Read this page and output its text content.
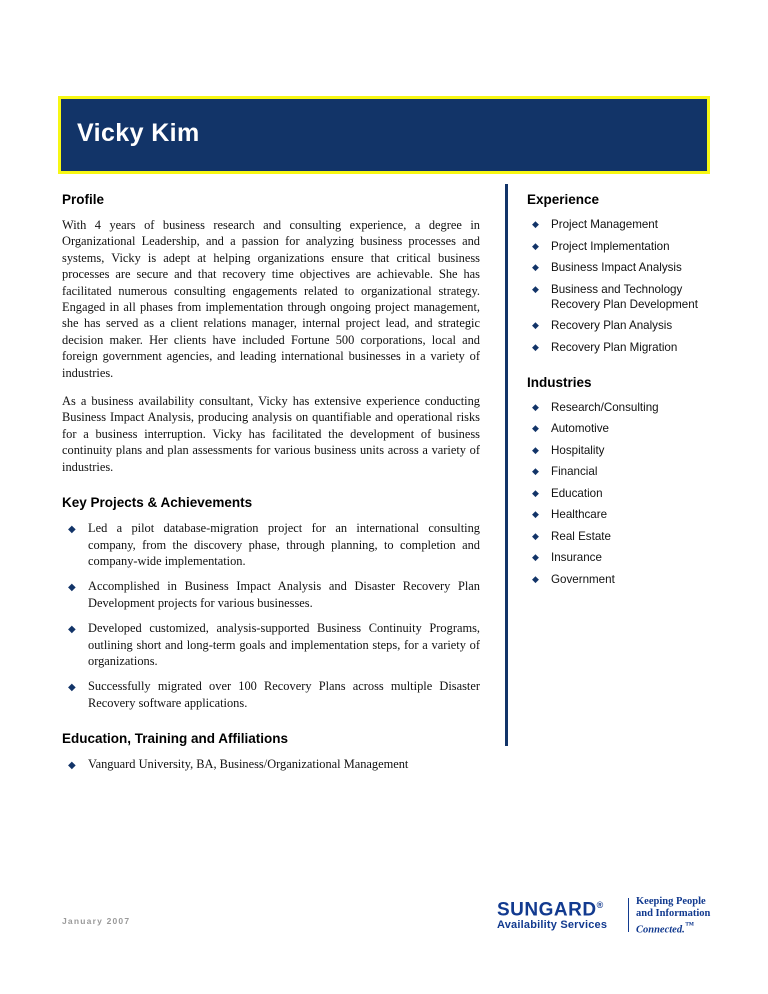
Vicky Kim
Profile

With 4 years of business research and consulting experience, a degree in Organizational Leadership, and a passion for analyzing business processes and systems, Vicky is adept at helping organizations ensure that critical business processes are secure and that recovery time objectives are achievable. She has facilitated numerous consulting engagements related to organizational strategy. Engaged in all phases from implementation through ongoing project management, she has served as a client relations manager, internal project lead, and strategic decision maker. Her clients have included Fortune 500 corporations, local and foreign government agencies, and leading international businesses in a variety of industries.

As a business availability consultant, Vicky has extensive experience conducting Business Impact Analysis, producing analysis on quantifiable and operational risks for a business interruption. Vicky has facilitated the development of business continuity plans and plan assessments for various business units across a variety of industries.

Key Projects & Achievements
◆ Led a pilot database-migration project for an international consulting company, from the discovery phase, through planning, to completion and company-wide implementation.
◆ Accomplished in Business Impact Analysis and Disaster Recovery Plan Development projects for various businesses.
◆ Developed customized, analysis-supported Business Continuity Programs, outlining short and long-term goals and implementation steps, for a variety of organizations.
◆ Successfully migrated over 100 Recovery Plans across multiple Disaster Recovery software applications.
Education, Training and Affiliations
◆ Vanguard University, BA, Business/Organizational Management
Experience
◆ Project Management
◆ Project Implementation
◆ Business Impact Analysis
◆ Business and Technology Recovery Plan Development
◆ Recovery Plan Analysis
◆ Recovery Plan Migration
Industries
◆ Research/Consulting
◆ Automotive
◆ Hospitality
◆ Financial
◆ Education
◆ Healthcare
◆ Real Estate
◆ Insurance
◆ Government
January 2007
SUNGARD®
Availability Services
Keeping People
and Information
Connected.™
